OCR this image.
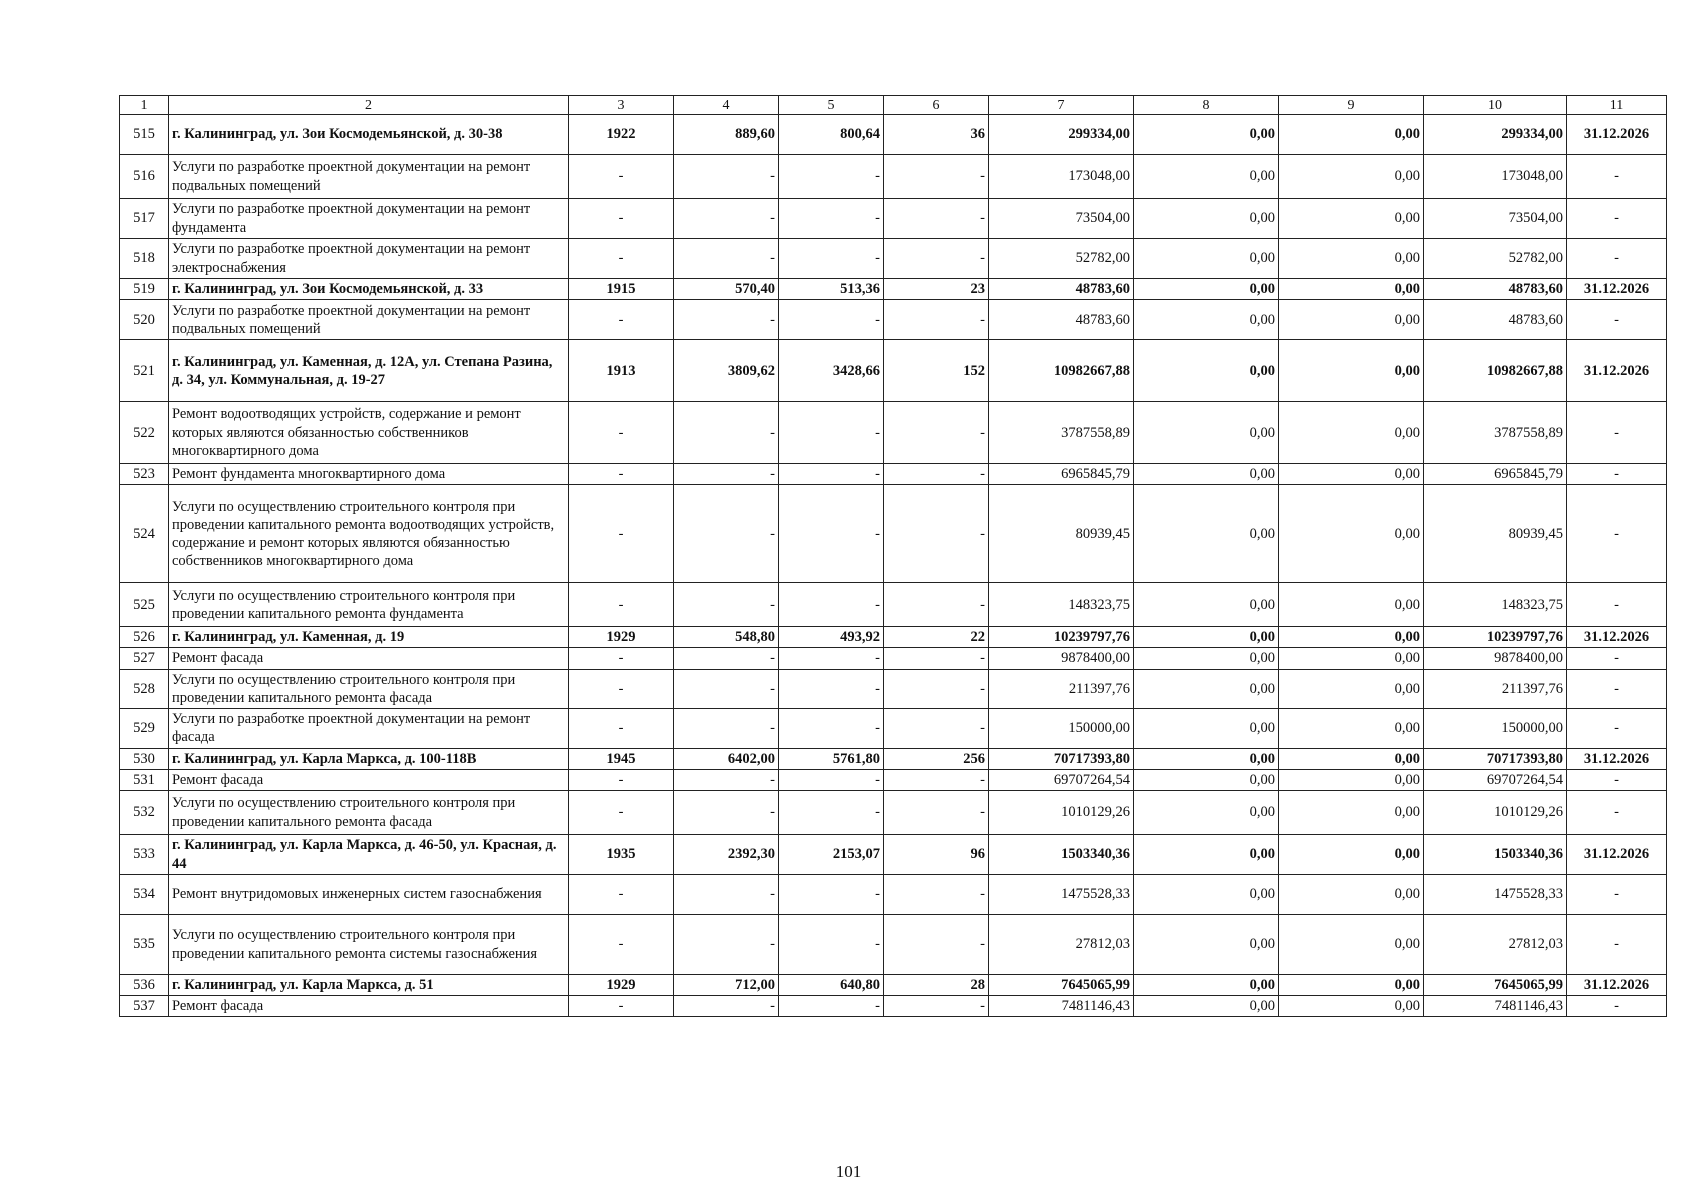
1	2	3	4	5	6	7	8	9	10	11
515	г. Калининград, ул. Зои Космодемьянской, д. 30-38	1922	889,60	800,64	36	299334,00	0,00	0,00	299334,00	31.12.2026
516	Услуги по разработке проектной документации на ремонт подвальных помещений	-	-	-	-	173048,00	0,00	0,00	173048,00	-
517	Услуги по разработке проектной документации на ремонт фундамента	-	-	-	-	73504,00	0,00	0,00	73504,00	-
518	Услуги по разработке проектной документации на ремонт электроснабжения	-	-	-	-	52782,00	0,00	0,00	52782,00	-
519	г. Калининград, ул. Зои Космодемьянской, д. 33	1915	570,40	513,36	23	48783,60	0,00	0,00	48783,60	31.12.2026
520	Услуги по разработке проектной документации на ремонт подвальных помещений	-	-	-	-	48783,60	0,00	0,00	48783,60	-
521	г. Калининград, ул. Каменная, д. 12А, ул. Степана Разина, д. 34, ул. Коммунальная, д. 19-27	1913	3809,62	3428,66	152	10982667,88	0,00	0,00	10982667,88	31.12.2026
522	Ремонт водоотводящих устройств, содержание и ремонт которых являются обязанностью собственников многоквартирного дома	-	-	-	-	3787558,89	0,00	0,00	3787558,89	-
523	Ремонт фундамента многоквартирного дома	-	-	-	-	6965845,79	0,00	0,00	6965845,79	-
524	Услуги по осуществлению строительного контроля при проведении капитального ремонта водоотводящих устройств, содержание и ремонт которых являются обязанностью собственников многоквартирного дома	-	-	-	-	80939,45	0,00	0,00	80939,45	-
525	Услуги по осуществлению строительного контроля при проведении капитального ремонта фундамента	-	-	-	-	148323,75	0,00	0,00	148323,75	-
526	г. Калининград, ул. Каменная, д. 19	1929	548,80	493,92	22	10239797,76	0,00	0,00	10239797,76	31.12.2026
527	Ремонт фасада	-	-	-	-	9878400,00	0,00	0,00	9878400,00	-
528	Услуги по осуществлению строительного контроля при проведении капитального ремонта фасада	-	-	-	-	211397,76	0,00	0,00	211397,76	-
529	Услуги по разработке проектной документации на ремонт фасада	-	-	-	-	150000,00	0,00	0,00	150000,00	-
530	г. Калининград, ул. Карла Маркса, д. 100-118В	1945	6402,00	5761,80	256	70717393,80	0,00	0,00	70717393,80	31.12.2026
531	Ремонт фасада	-	-	-	-	69707264,54	0,00	0,00	69707264,54	-
532	Услуги по осуществлению строительного контроля при проведении капитального ремонта фасада	-	-	-	-	1010129,26	0,00	0,00	1010129,26	-
533	г. Калининград, ул. Карла Маркса, д. 46-50, ул. Красная, д. 44	1935	2392,30	2153,07	96	1503340,36	0,00	0,00	1503340,36	31.12.2026
534	Ремонт внутридомовых инженерных систем газоснабжения	-	-	-	-	1475528,33	0,00	0,00	1475528,33	-
535	Услуги по осуществлению строительного контроля при проведении капитального ремонта системы газоснабжения	-	-	-	-	27812,03	0,00	0,00	27812,03	-
536	г. Калининград, ул. Карла Маркса, д. 51	1929	712,00	640,80	28	7645065,99	0,00	0,00	7645065,99	31.12.2026
537	Ремонт фасада	-	-	-	-	7481146,43	0,00	0,00	7481146,43	-
101
